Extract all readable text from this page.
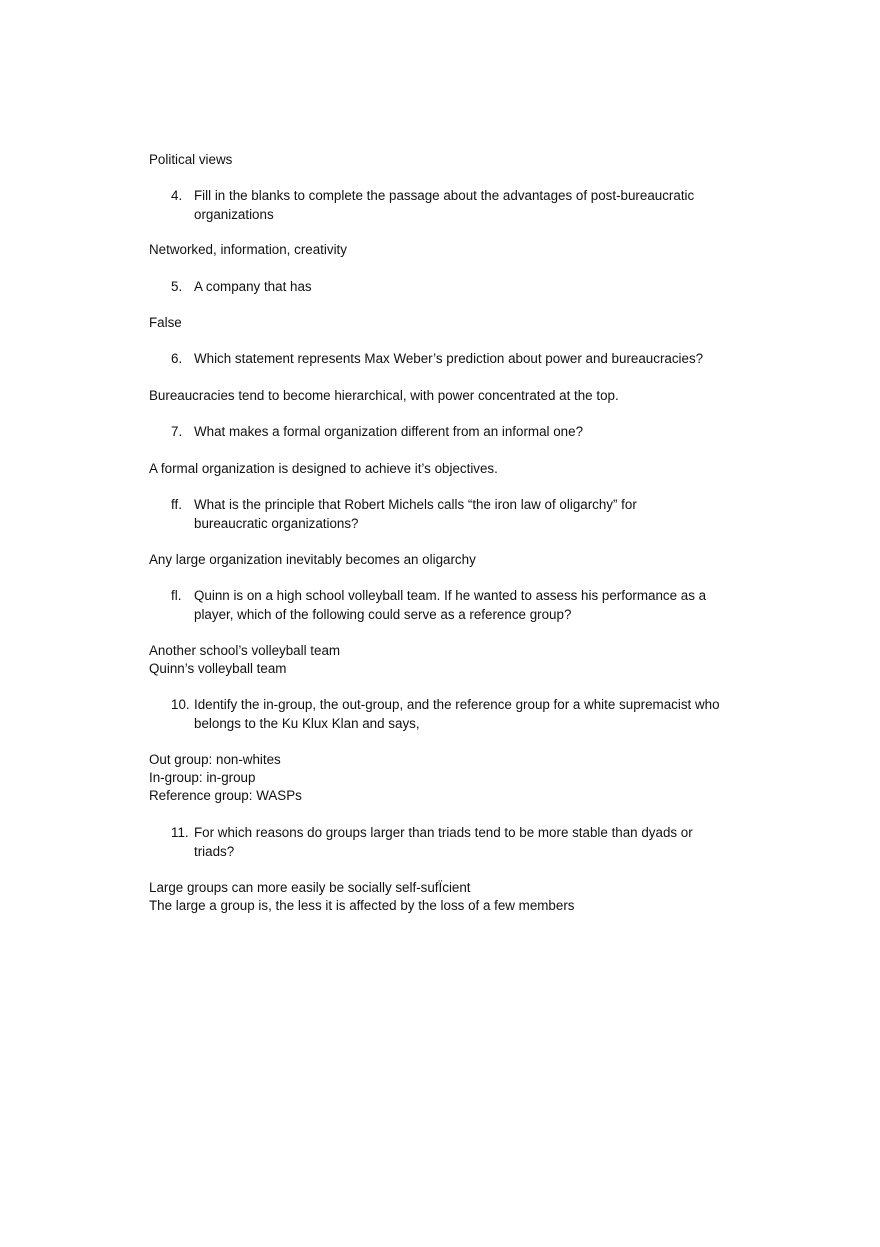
Political views
4. Fill in the blanks to complete the passage about the advantages of post-bureaucratic organizations
Networked, information, creativity
5. A company that has
False
6. Which statement represents Max Weber’s prediction about power and bureaucracies?
Bureaucracies tend to become hierarchical, with power concentrated at the top.
7. What makes a formal organization different from an informal one?
A formal organization is designed to achieve it’s objectives.
ff. What is the principle that Robert Michels calls “the iron law of oligarchy” for bureaucratic organizations?
Any large organization inevitably becomes an oligarchy
fl. Quinn is on a high school volleyball team. If he wanted to assess his performance as a player, which of the following could serve as a reference group?
Another school’s volleyball team
Quinn’s volleyball team
10. Identify the in-group, the out-group, and the reference group for a white supremacist who belongs to the Ku Klux Klan and says,
Out group: non-whites
In-group: in-group
Reference group: WASPs
11. For which reasons do groups larger than triads tend to be more stable than dyads or triads?
Large groups can more easily be socially self-sufÏcient
The large a group is, the less it is affected by the loss of a few members
